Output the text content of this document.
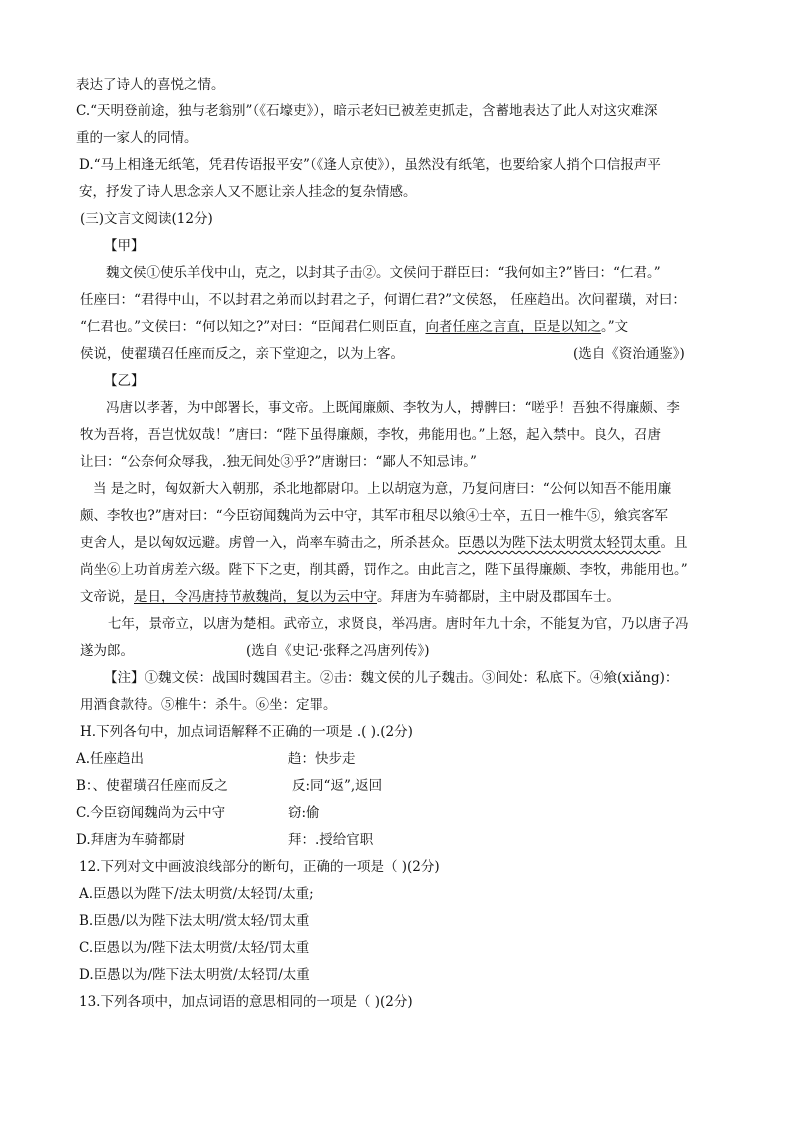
表达了诗人的喜悦之情。
C.“天明登前途，独与老翁别”（《石壕吏》），暗示老妇已被差吏抓走，含蓄地表达了此人对这灾难深
重的一家人的同情。
D.“马上相逢无纸笔，凭君传语报平安”（《逢人京使》），虽然没有纸笔，也要给家人捎个口信报声平
安，抒发了诗人思念亲人又不愿让亲人挂念的复杂情感。
(三)文言文阅读(12分)
【甲】
魏文侯①使乐羊伐中山，克之，以封其子击②。文侯问于群臣曰：“我何如主?”皆曰：“仁君。”
任座曰：“君得中山，不以封君之弟而以封君之子，何谓仁君?”文侯怒， 任座趋出。次问翟璜，对曰：
“仁君也。”文侯曰：“何以知之?”对曰：“臣闻君仁则臣直，向者任座之言直，臣是以知之。”文
侯说，使翟璜召任座而反之，亲下堂迎之，以为上客。	(选自《资治通鉴》)
【乙】
冯唐以孝著，为中郎署长，事文帝。上既闻廉颇、李牧为人，搏髀曰：“嗟乎！吾独不得廉颇、李
牧为吾将，吾岂忧奴哉！”唐曰：“陛下虽得廉颇，李牧，弗能用也。”上怒，起入禁中。良久，召唐
让曰：“公奈何众辱我，.独无间处③乎?”唐谢曰：“鄙人不知忌讳。”
当 是之时，匈奴新大入朝那，杀北地都尉卬。上以胡寇为意，乃复问唐曰：“公何以知吾不能用廉
颇、李牧也?”唐对曰：“今臣窃闻魏尚为云中守，其军市租尽以飨④士卒，五日一椎牛⑤，飨宾客军
吏舍人，是以匈奴远避。虏曾一入，尚率车骑击之，所杀甚众。臣愚以为陛下法太明赏太轻罚太重。且
尚坐⑥上功首虏差六级。陛下下之吏，削其爵，罚作之。由此言之，陛下虽得廉颇、李牧，弗能用也。”
文帝说，是日，令冯唐持节赦魏尚，复以为云中守。拜唐为车骑都尉，主中尉及郡国车士。
七年，景帝立，以唐为楚相。武帝立，求贤良，举冯唐。唐时年九十余，不能复为官，乃以唐子冯
遂为郎。	(选自《史记·张释之冯唐列传》)
【注】①魏文侯：战国时魏国君主。②击：魏文侯的儿子魏击。③间处：私底下。④飨(xiǎng)：
用酒食款待。⑤椎牛：杀牛。⑥坐：定罪。
H.下列各句中，加点词语解释不正确的一项是 .( ).(2分)
A.任座趋出	趋：快步走
B：、使翟璜召任座而反之	反:同“返”,返回
C.今臣窃闻魏尚为云中守	窃:偷
D.拜唐为车骑都尉	拜：.授给官职
12.下列对文中画波浪线部分的断句，正确的一项是（ )(2分)
A.臣愚以为陛下/法太明赏/太轻罚/太重;
B.臣愚/以为陛下法太明/赏太轻/罚太重
C.臣愚以为/陛下法太明赏/太轻/罚太重
D.臣愚以为/陛下法太明赏/太轻罚/太重
13.下列各项中，加点词语的意思相同的一项是（ )(2分)
